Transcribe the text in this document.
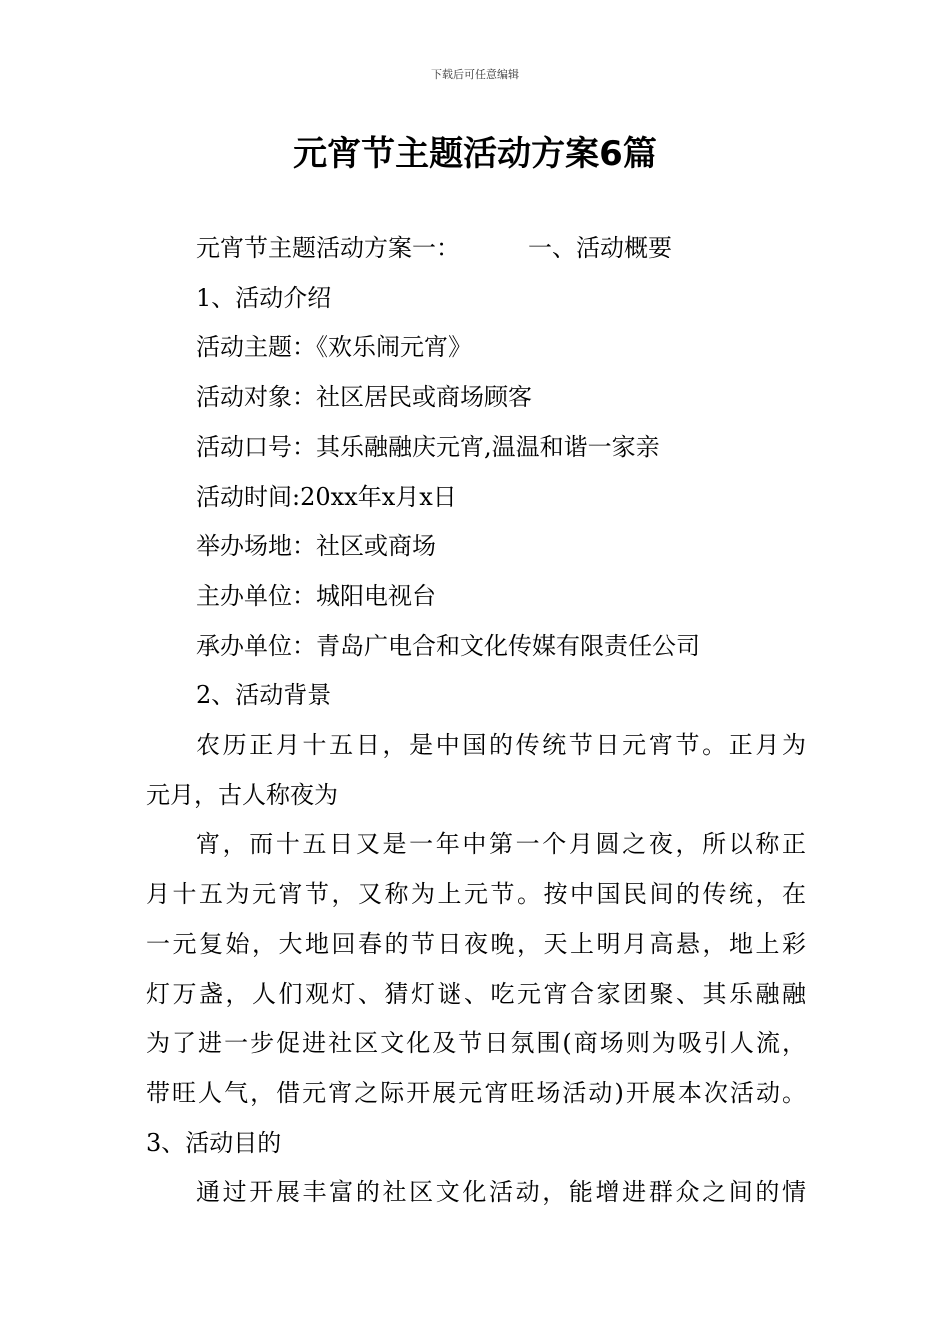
下载后可任意编辑
元宵节主题活动方案6篇

元宵节主题活动方案一：	一、活动概要

1、活动介绍

活动主题：《欢乐闹元宵》

活动对象：社区居民或商场顾客

活动口号：其乐融融庆元宵,温温和谐一家亲

活动时间:20xx年x月x日

举办场地：社区或商场

主办单位：城阳电视台

承办单位：青岛广电合和文化传媒有限责任公司

2、活动背景

农历正月十五日，是中国的传统节日元宵节。正月为

元月，古人称夜为

宵，而十五日又是一年中第一个月圆之夜，所以称正

月十五为元宵节，又称为上元节。按中国民间的传统，在

一元复始，大地回春的节日夜晚，天上明月高悬，地上彩

灯万盏，人们观灯、猜灯谜、吃元宵合家团聚、其乐融融

为了进一步促进社区文化及节日氛围(商场则为吸引人流，

带旺人气，借元宵之际开展元宵旺场活动)开展本次活动。

3、活动目的

通过开展丰富的社区文化活动，能增进群众之间的情
